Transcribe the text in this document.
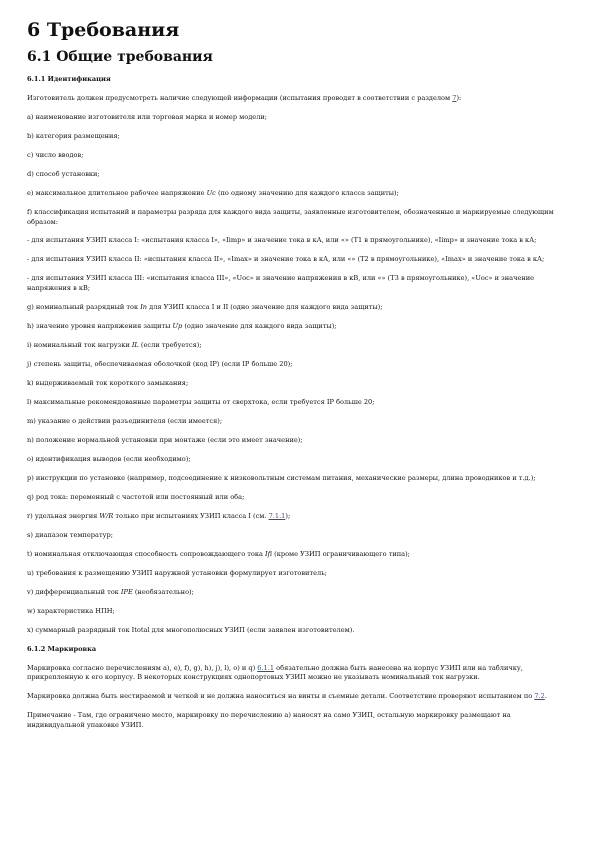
6 Требования
6.1 Общие требования
6.1.1 Идентификация

Изготовитель должен предусмотреть наличие следующей информации (испытания проводят в соответствии с разделом 7):

a) наименование изготовителя или торговая марка и номер модели;

b) категория размещения;

c) число вводов;

d) способ установки;

e) максимальное длительное рабочее напряжение Uc (по одному значению для каждого класса защиты);

f) классификация испытаний и параметры разряда для каждого вида защиты, заявленные изготовителем, обозначенные и маркируемые следующим образом:

- для испытания УЗИП класса I: «испытания класса I», «Iimp» и значение тока в кА, или «» (Т1 в прямоугольнике), «Iimp» и значение тока в кА;

- для испытания УЗИП класса II: «испытания класса II», «Imax» и значение тока в кА, или «» (Т2 в прямоугольнике), «Imax» и значение тока в кА;

- для испытания УЗИП класса III: «испытания класса III», «Uoc» и значение напряжения в кВ, или «» (Т3 в прямоугольнике), «Uoc» и значение напряжения в кВ;

g) номинальный разрядный ток In для УЗИП класса I и II (одно значение для каждого вида защиты);

h) значение уровня напряжения защиты Up (одно значение для каждого вида защиты);

i) номинальный ток нагрузки IL (если требуется);

j) степень защиты, обеспечиваемая оболочкой (код IP) (если IP больше 20);

k) выдерживаемый ток короткого замыкания;

l) максимальные рекомендованные параметры защиты от сверхтока, если требуется IP больше 20;

m) указание о действии разъединителя (если имеется);

n) положение нормальной установки при монтаже (если это имеет значение);

o) идентификация выводов (если необходимо);

p) инструкции по установке (например, подсоединение к низковольтным системам питания, механические размеры, длина проводников и т.д.);

q) род тока: переменный с частотой или постоянный или оба;

r) удельная энергия W/R только при испытаниях УЗИП класса I (см. 7.1.1);

s) диапазон температур;

t) номинальная отключающая способность сопровождающего тока Ifi (кроме УЗИП ограничивающего типа);

u) требования к размещению УЗИП наружной установки формулирует изготовитель;

v) дифференциальный ток IPE (необязательно);

w) характеристика НПН;

x) суммарный разрядный ток Itotal для многополюсных УЗИП (если заявлен изготовителем).

6.1.2 Маркировка

Маркировка согласно перечислениям a), e), f), g), h), j), l), o) и q) 6.1.1 обязательно должна быть нанесена на корпус УЗИП или на табличку, прикрепленную к его корпусу. В некоторых конструкциях однопортовых УЗИП можно не указывать номинальный ток нагрузки.

Маркировка должна быть нестираемой и четкой и не должна наноситься на винты и съемные детали. Соответствие проверяют испытанием по 7.2.

Примечание - Там, где ограничено место, маркировку по перечислению a) наносят на само УЗИП, остальную маркировку размещают на индивидуальной упаковке УЗИП.
